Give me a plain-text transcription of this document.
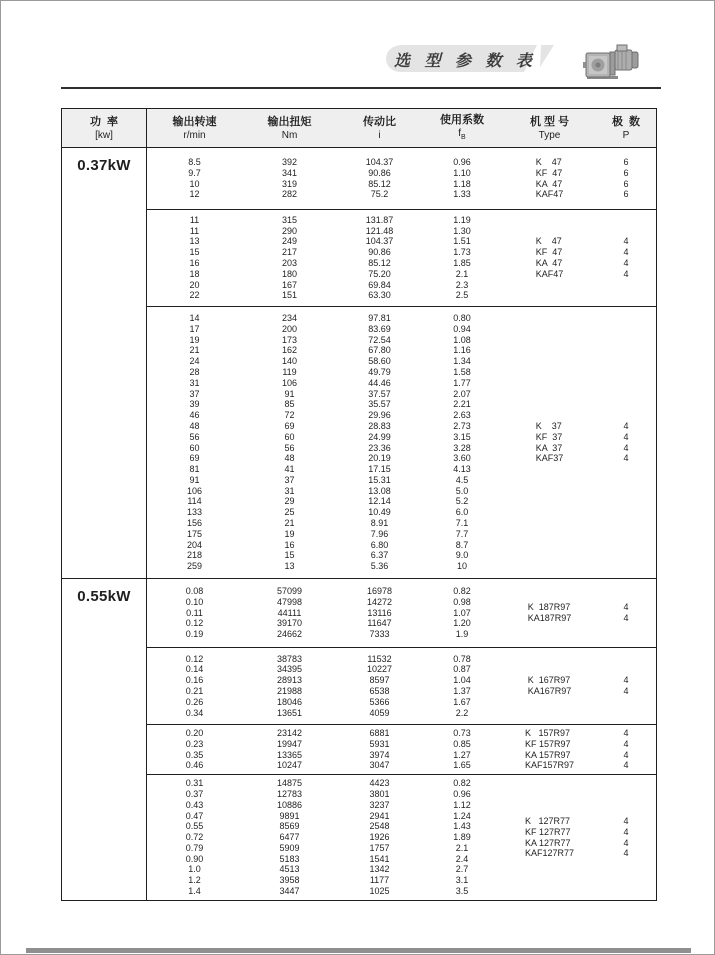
选 型 参 数 表
功  率
[kw]
输出转速
r/min
输出扭矩
Nm
传动比
i
使用系数
$f_B$
机 型 号
Type
极  数
P
0.37kW	8.5
9.7
10
12
392
341
319
282
104.37
90.86
85.12
75.2
0.96
1.10
1.18
1.33
K    47
KF  47
KA  47
KAF47
6
6
6
6
11
11
13
15
16
18
20
22
315
290
249
217
203
180
167
151
131.87
121.48
104.37
90.86
85.12
75.20
69.84
63.30
1.19
1.30
1.51
1.73
1.85
2.1
2.3
2.5
K    47
KF  47
KA  47
KAF47
4
4
4
4
14
17
19
21
24
28
31
37
39
46
48
56
60
69
81
91
106
114
133
156
175
204
218
259
234
200
173
162
140
119
106
91
85
72
69
60
56
48
41
37
31
29
25
21
19
16
15
13
97.81
83.69
72.54
67.80
58.60
49.79
44.46
37.57
35.57
29.96
28.83
24.99
23.36
20.19
17.15
15.31
13.08
12.14
10.49
8.91
7.96
6.80
6.37
5.36
0.80
0.94
1.08
1.16
1.34
1.58
1.77
2.07
2.21
2.63
2.73
3.15
3.28
3.60
4.13
4.5
5.0
5.2
6.0
7.1
7.7
8.7
9.0
10
K    37
KF  37
KA  37
KAF37
4
4
4
4
0.55kW	0.08
0.10
0.11
0.12
0.19
57099
47998
44111
39170
24662
16978
14272
13116
11647
7333
0.82
0.98
1.07
1.20
1.9
K  187R97
KA187R97
4
4
0.12
0.14
0.16
0.21
0.26
0.34
38783
34395
28913
21988
18046
13651
11532
10227
8597
6538
5366
4059
0.78
0.87
1.04
1.37
1.67
2.2
K  167R97
KA167R97
4
4
0.20
0.23
0.35
0.46
23142
19947
13365
10247
6881
5931
3974
3047
0.73
0.85
1.27
1.65
K   157R97
KF 157R97
KA 157R97
KAF157R97
4
4
4
4
0.31
0.37
0.43
0.47
0.55
0.72
0.79
0.90
1.0
1.2
1.4
14875
12783
10886
9891
8569
6477
5909
5183
4513
3958
3447
4423
3801
3237
2941
2548
1926
1757
1541
1342
1177
1025
0.82
0.96
1.12
1.24
1.43
1.89
2.1
2.4
2.7
3.1
3.5
K   127R77
KF 127R77
KA 127R77
KAF127R77
4
4
4
4
